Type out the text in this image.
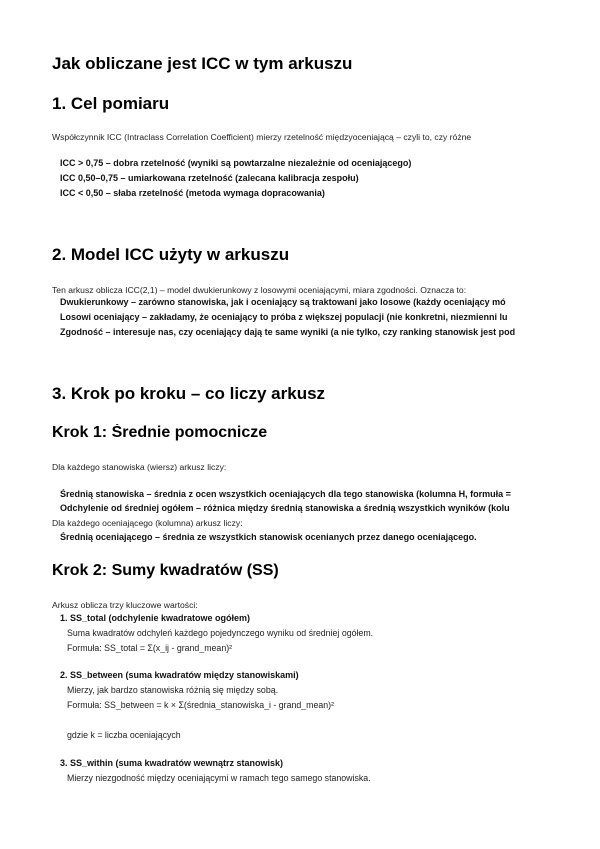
Jak obliczane jest ICC w tym arkuszu
1. Cel pomiaru
Współczynnik ICC (Intraclass Correlation Coefficient) mierzy rzetelność międzyoceniającą – czyli to, czy różne
ICC > 0,75 – dobra rzetelność (wyniki są powtarzalne niezależnie od oceniającego)
ICC 0,50–0,75 – umiarkowana rzetelność (zalecana kalibracja zespołu)
ICC < 0,50 – słaba rzetelność (metoda wymaga dopracowania)
2. Model ICC użyty w arkuszu
Ten arkusz oblicza ICC(2,1) – model dwukierunkowy z losowymi oceniającymi, miara zgodności. Oznacza to:
Dwukierunkowy – zarówno stanowiska, jak i oceniający są traktowani jako losowe (każdy oceniający mó
Losowi oceniający – zakładamy, że oceniający to próba z większej populacji (nie konkretni, niezmienni lu
Zgodność – interesuje nas, czy oceniający dają te same wyniki (a nie tylko, czy ranking stanowisk jest pod
3. Krok po kroku – co liczy arkusz
Krok 1: Średnie pomocnicze
Dla każdego stanowiska (wiersz) arkusz liczy:
Średnią stanowiska – średnia z ocen wszystkich oceniających dla tego stanowiska (kolumna H, formuła =
Odchylenie od średniej ogółem – różnica między średnią stanowiska a średnią wszystkich wyników (kolu
Dla każdego oceniającego (kolumna) arkusz liczy:
Średnią oceniającego – średnia ze wszystkich stanowisk ocenianych przez danego oceniającego.
Krok 2: Sumy kwadratów (SS)
Arkusz oblicza trzy kluczowe wartości:
1. SS_total (odchylenie kwadratowe ogółem)
Suma kwadratów odchyleń każdego pojedynczego wyniku od średniej ogółem.
Formuła: SS_total = Σ(x_ij - grand_mean)²
2. SS_between (suma kwadratów między stanowiskami)
Mierzy, jak bardzo stanowiska różnią się między sobą.
Formuła: SS_between = k × Σ(średnia_stanowiska_i - grand_mean)²
gdzie k = liczba oceniających
3. SS_within (suma kwadratów wewnątrz stanowisk)
Mierzy niezgodność między oceniającymi w ramach tego samego stanowiska.
